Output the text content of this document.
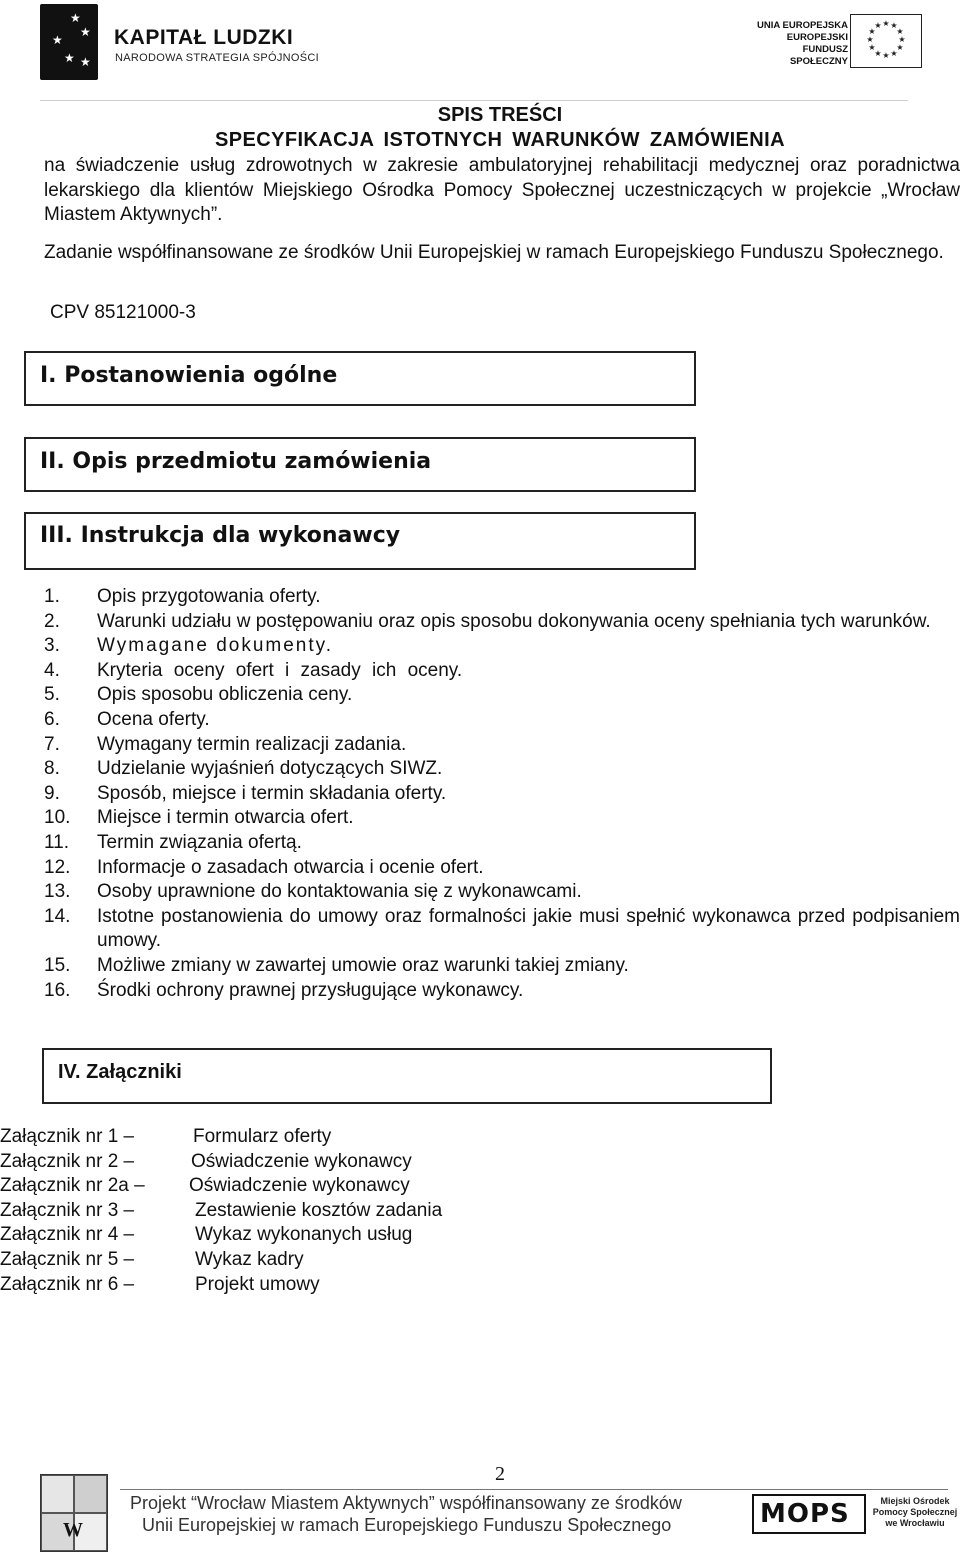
★
★
★
★ ★
KAPITAŁ LUDZKI
NARODOWA STRATEGIA SPÓJNOŚCI
UNIA EUROPEJSKA
EUROPEJSKI
FUNDUSZ SPOŁECZNY
★ ★
★
★
★
★
★
★
★
★
★
★
SPIS TREŚCI
SPECYFIKACJA ISTOTNYCH WARUNKÓW ZAMÓWIENIA
na świadczenie usług zdrowotnych w zakresie ambulatoryjnej rehabilitacji medycznej oraz poradnictwa lekarskiego dla klientów Miejskiego Ośrodka Pomocy Społecznej uczestniczących w projekcie „Wrocław Miastem Aktywnych”.
Zadanie współfinansowane ze środków Unii Europejskiej w ramach Europejskiego Funduszu Społecznego.
CPV 85121000-3
I. Postanowienia ogólne
II. Opis przedmiotu zamówienia
III. Instrukcja dla wykonawcy
1.	Opis przygotowania oferty.
2.	Warunki udziału w postępowaniu oraz opis sposobu dokonywania oceny spełniania tych warunków.
3.	Wymagane dokumenty.
4.	Kryteria oceny ofert i zasady ich oceny.
5.	Opis sposobu obliczenia ceny.
6.	Ocena oferty.
7.	Wymagany termin realizacji zadania.
8.	Udzielanie wyjaśnień dotyczących SIWZ.
9.	Sposób, miejsce i termin składania oferty.
10.	Miejsce i termin otwarcia ofert.
11.	Termin związania ofertą.
12.	Informacje o zasadach otwarcia i ocenie ofert.
13.	Osoby uprawnione do kontaktowania się z wykonawcami.
14.	Istotne postanowienia do umowy oraz formalności jakie musi spełnić wykonawca przed podpisaniem umowy.
15.	Możliwe zmiany w zawartej umowie oraz warunki takiej zmiany.
16.	Środki ochrony prawnej przysługujące wykonawcy.
IV. Załączniki
Załącznik nr 1 –	Formularz oferty
Załącznik nr 2 –	Oświadczenie wykonawcy
Załącznik nr 2a – Oświadczenie wykonawcy
Załącznik nr 3 –	Zestawienie kosztów zadania
Załącznik nr 4 –	Wykaz wykonanych usług
Załącznik nr 5 –	Wykaz kadry
Załącznik nr 6 –	Projekt umowy
2
W
Projekt “Wrocław Miastem Aktywnych” współfinansowany ze środków
Unii Europejskiej w ramach Europejskiego Funduszu Społecznego	MOPS	Miejski Ośrodek
Pomocy Społecznej
we Wrocławiu
